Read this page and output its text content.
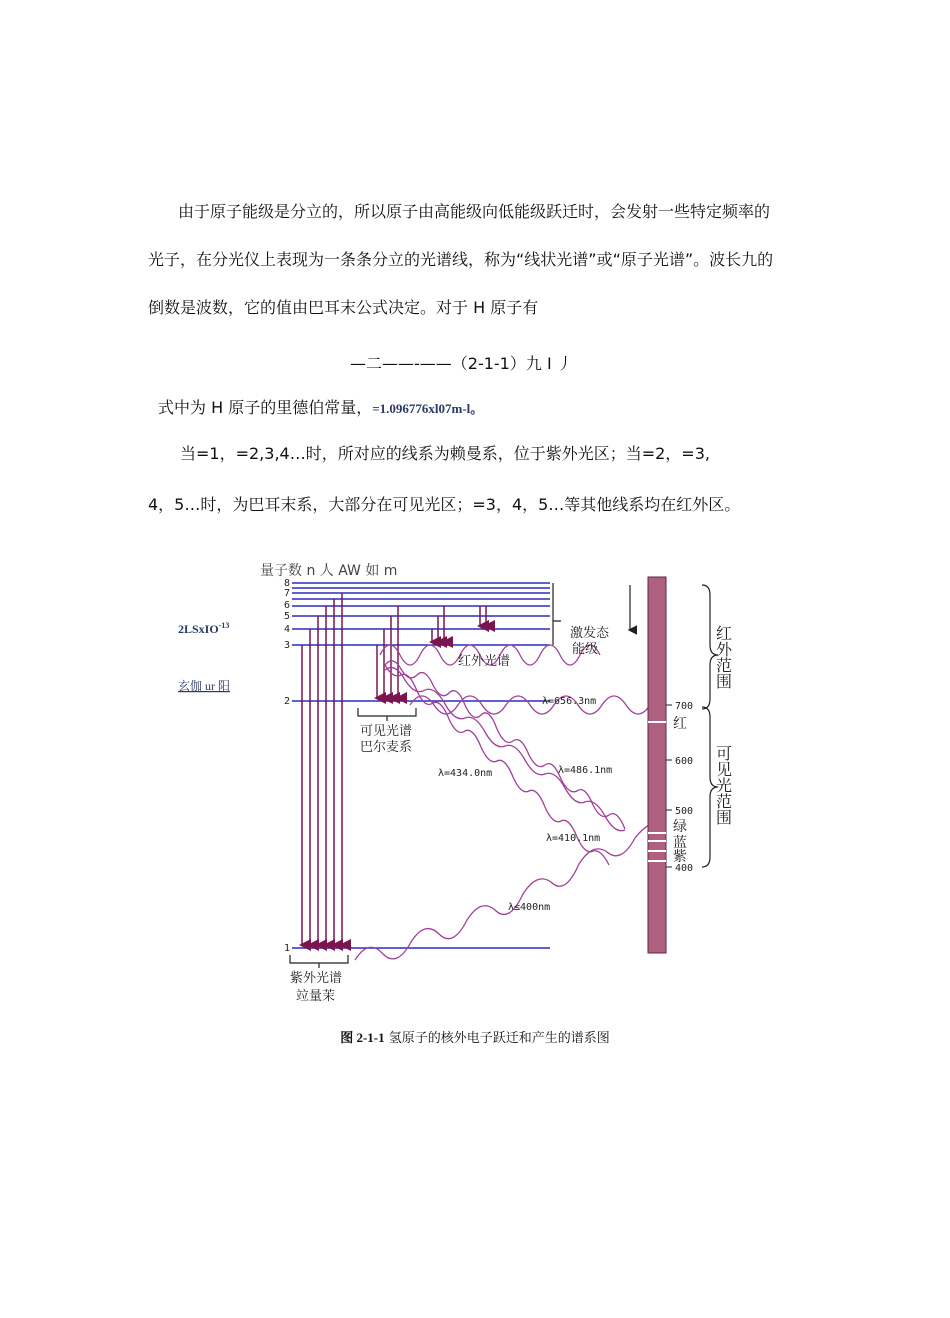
由于原子能级是分立的，所以原子由高能级向低能级跃迁时，会发射一些特定频率的
光子，在分光仪上表现为一条条分立的光谱线，称为“线状光谱”或“原子光谱”。波长九的
倒数是波数，它的值由巴耳末公式决定。对于 H 原子有
—二——-——（2-1-1）九 I 丿
式中为 H 原子的里德伯常量，=1.096776xl07m-l。
当=1，=2,3,4…时，所对应的线系为赖曼系，位于紫外光区；当=2，=3,
4，5…时，为巴耳末系，大部分在可见光区；=3，4，5…等其他线系均在红外区。
量子数 n 人 AW 如 m
2LSxIO$^{-13}$
玄伽 ur 阳
8
7
6
5
4
3
2
1
700
600
500
400
红
绿
蓝
紫
红外范围
可见光范围
激发态
能级
红外光谱
可见光谱
巴尔麦系
紫外光谱
竝量茉
λ=656.3nm
λ=486.1nm
λ=434.0nm
λ=410.1nm
λ≤400nm
图 2-1-1 氢原子的核外电子跃迁和产生的谱系图
